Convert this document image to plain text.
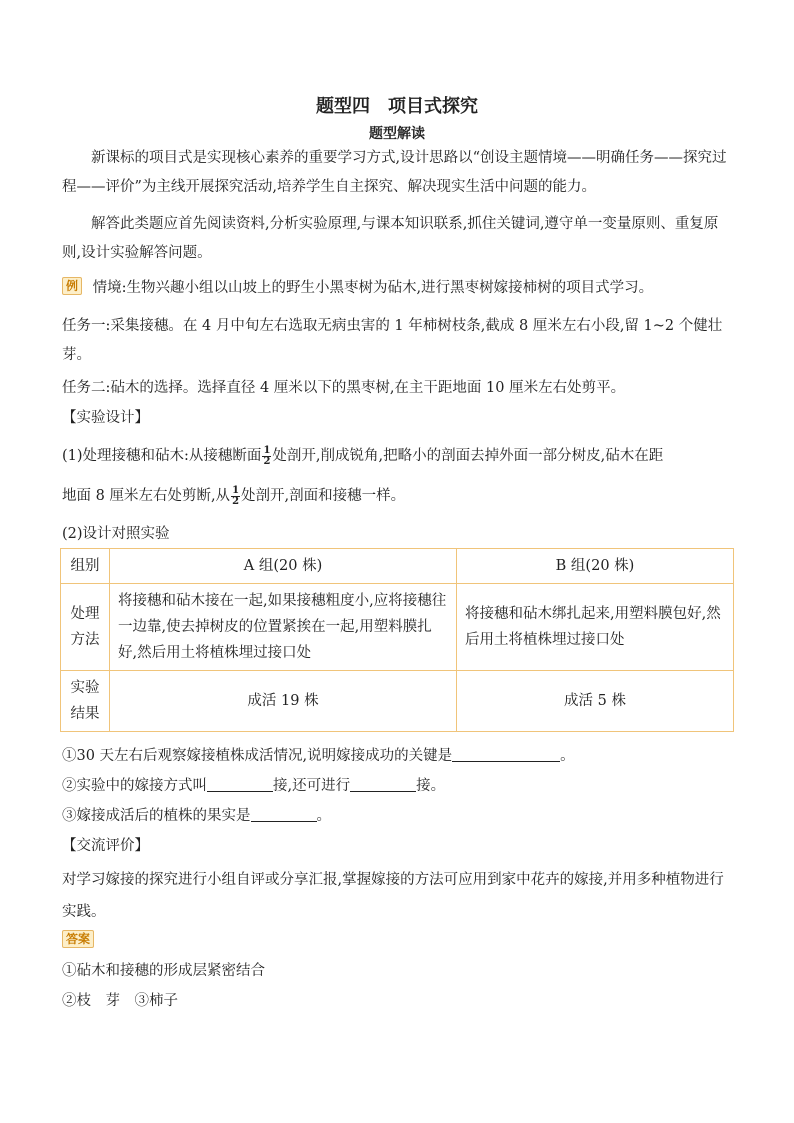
题型四　项目式探究
题型解读
新课标的项目式是实现核心素养的重要学习方式,设计思路以“创设主题情境——明确任务——探究过程——评价”为主线开展探究活动,培养学生自主探究、解决现实生活中问题的能力。
解答此类题应首先阅读资料,分析实验原理,与课本知识联系,抓住关键词,遵守单一变量原则、重复原则,设计实验解答问题。
例 情境:生物兴趣小组以山坡上的野生小黑枣树为砧木,进行黑枣树嫁接柿树的项目式学习。
任务一:采集接穗。在 4 月中旬左右选取无病虫害的 1 年柿树枝条,截成 8 厘米左右小段,留 1~2 个健壮芽。
任务二:砧木的选择。选择直径 4 厘米以下的黑枣树,在主干距地面 10 厘米左右处剪平。
【实验设计】
(1)处理接穗和砧木:从接穗断面 $\frac{1}{2}$ 处剖开,削成锐角,把略小的剖面去掉外面一部分树皮,砧木在距
地面 8 厘米左右处剪断,从 $\frac{1}{2}$ 处剖开,剖面和接穗一样。
(2)设计对照实验
组别	A 组(20 株)	B 组(20 株)
处理方法	将接穗和砧木接在一起,如果接穗粗度小,应将接穗往一边靠,使去掉树皮的位置紧挨在一起,用塑料膜扎好,然后用土将植株埋过接口处	将接穗和砧木绑扎起来,用塑料膜包好,然后用土将植株埋过接口处
实验结果	成活 19 株	成活 5 株
①30 天左右后观察嫁接植株成活情况,说明嫁接成功的关键是	。
②实验中的嫁接方式叫	接,还可进行	接。
③嫁接成活后的植株的果实是	。
【交流评价】
对学习嫁接的探究进行小组自评或分享汇报,掌握嫁接的方法可应用到家中花卉的嫁接,并用多种植物进行实践。
答案
①砧木和接穗的形成层紧密结合
②枝　芽　③柿子
